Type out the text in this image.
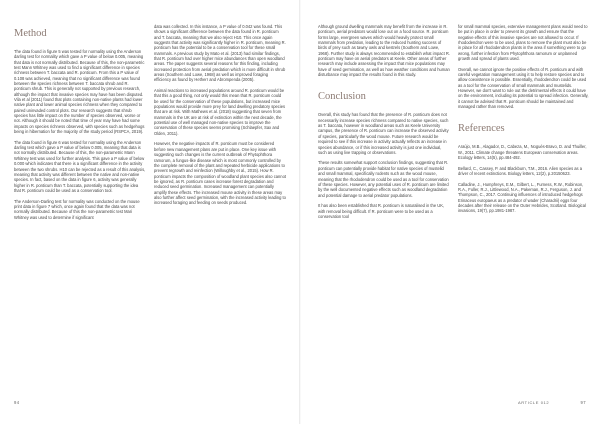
Method

The data found in figure 5 was tested for normality using the Anderson darling test for normality which gave a P value of below 0.005, meaning that data is not normally distributed. Because of this, the non-parametric test Mann Whitney was used to find a significant difference in species richness between T. baccata and R. ponticum. From this a P value of 0.108 was achieved, meaning that no significant difference was found between the species richness between T. baccata shrub and R. ponticum shrub. This is generally not supported by previous research, although the impact that invasive species may have has been disputed. Vila et al (2011) found that plots containing non-native plants had lower native plant and lower animal species richness when they compared to paired uninvaded control plots. Our research suggests that shrub species has little impact on the number of species observed, worse or not. Although it should be noted that time of year may have had some impacts on species richness observed, with species such as hedgehogs being in hibernation for the majority of the study period (RSPCA, 2019).

The data found in figure 6 was tested for normality using the Anderson darling test which gave a P value of below 0.005, meaning that data is not normally distributed. Because of this, the non-parametric Mann Whitney test was used for further analysis. This gave a P value of below 0.000 which indicates that there is a significant difference in the activity between the two shrubs. H10 can be rejected as a result of this analysis, meaning that activity was different between the native and non-native species. In fact, based on the data in figure 6, activity was generally higher in R. ponticum than T. baccata, potentially supporting the idea that R. ponticum could be used as a conservation tool.

The Anderson-Darling test for normality was conducted on the mouse print data in figure 7 which, once again found that the data was not normally distributed. Because of this the non-parametric test Mari Whitney was used to determine if significant

data was collected. In this instance, a P value of 0.042 was found. This shows a significant difference between the data found in R. ponticum and T. baccata, meaning that we also reject H10. This once again suggests that activity was significantly higher in R. ponticum, meaning R. ponticum has the potential to be a conservation tool for these small mammals. A previous study by Mato et al. (2013) had similar findings, that R. ponticum had over higher mice abundances than open woodland areas. The paper suggests several reasons for this finding, including increased protection from aerial predation which is more difficult in shrub areas (Southern and Lowe, 1968) as well as improved foraging efficiency as found by Hetherr and Abrompenda (2005).

Animal reactions to increased populations around R. ponticum would be that this a good thing, not only would this mean that R. ponticum could be used for the conservation of these populations, but increased mice populations would provide more prey for land dwelling predatory species that are at risk. With Mathews et al. (2018) suggesting that seven from mammals in the UK are at risk of extinction within the next decade, the potential use of well managed non-native species to improve the conservation of these species seems promising (Schlaepfer, Sax and Olden, 2011).

However, the negative impacts of R. ponticum must be considered before new management plans are put in place. One key issue with suggesting such changes is the current outbreak of Phytophthora ramorum, a fungus-like disease which is most commonly controlled by the complete removal of the plant and repeated herbicide applications to prevent regrowth and reinfection (Willoughby et al., 2015). How R. ponticum impacts the composition of woodland plant species also cannot be ignored, as R. ponticum cases increase forest degradation and reduced seed germination. Increased management can potentially amplify these effects. The increased mouse activity in these areas may also further affect seed germination, with the increased activity leading to increased foraging and feeding on seeds produced.

Although ground dwelling mammals may benefit from the increase in R. ponticum, aerial predators would lose out on a food source. R. ponticum forms large, evergreen waves which would heavily protect small mammals from predation, leading to the reduced hunting success of birds of prey such as tawny owls and kestrels (Southern and Lowe, 1968). Further study is always recommended to establish what impact R. ponticum may have on aerial predators at Keele. Other areas of further research may include assessing the impact that mice populations may have of seed germination, as well as how weather conditions and human disturbance may impact the results found in this study.

Conclusion

Overall, this study has found that the presence of R. ponticum does not necessarily increase species richness compared to native species, such as T. baccata, however in woodland areas such as Keele University campus, the presence of R. ponticum can increase the observed activity of species, particularly the wood mouse. Future research would be required to see if this increase in activity actually reflects an increase in species abundance, or if this increased activity is just one individual, such as using live trapping or observations.

These results somewhat support conclusion findings, suggesting that R. ponticum can potentially provide habitat for native species of mustelid and small mammal, specifically rodents such as the wood mouse, meaning that the rhododendron could be used as a tool for conservation of these species. However, any potential uses of R. ponticum are limited by the well documented negative effects such as woodland degradation and potential damage to aerial predator populations.

It has also been established that R. ponticum is naturalised in the UK, with removal being difficult. If R. ponticum were to be used as a conservation tool

for small mammal species, extensive management plans would need to be put in place in order to prevent its growth and ensure that the negative effects of this invasive species are not allowed to occur. If rhododendron were to be used, plans to remove the plant must also be in place for all rhododendron plants in the area if something were to go wrong, further infection from Phytophthora ramorum or unplanned growth and spread of plants used.

Overall, we cannot ignore the positive effects of R. ponticum and with careful vegetation management using it to help restore species and to allow coexistence is possible. Essentially, rhododendron could be used as a tool for the conservation of small mammals and mustelids. However, we don't want to rule out the detrimental effects it could have on the environment, including its potential to spread infection. Generally, it cannot be advised that R. ponticum should be maintained and managed rather than removed.

References

Araújo, M.B., Alagador, D., Cabeza, M., Nogués-Bravo, D. and Thuiller, W., 2011. Climate change threatens European conservation areas. Ecology letters, 14(5), pp.484-492.

Bellard, C., Cassey, P. and Blackburn, T.M., 2016. Alien species as a driver of recent extinctions. Biology letters, 12(2), p.20150623.

Calladine, J., Humphreys, E.M., Gilbert, L., Furness, R.W., Robinson, R.A., Fuller, R.J., Littlewood, N.A., Pakeman, R.J., Ferguson, J. and Thompson, C., 2017. Continuing influences of introduced hedgehogs Erinaceus europaeus as a predator of wader (Charadrii) eggs four decades after their release on the Outer Hebrides, Scotland. Biological invasions, 19(7), pp.1981-1987.

94	ARTICLE 012	97
